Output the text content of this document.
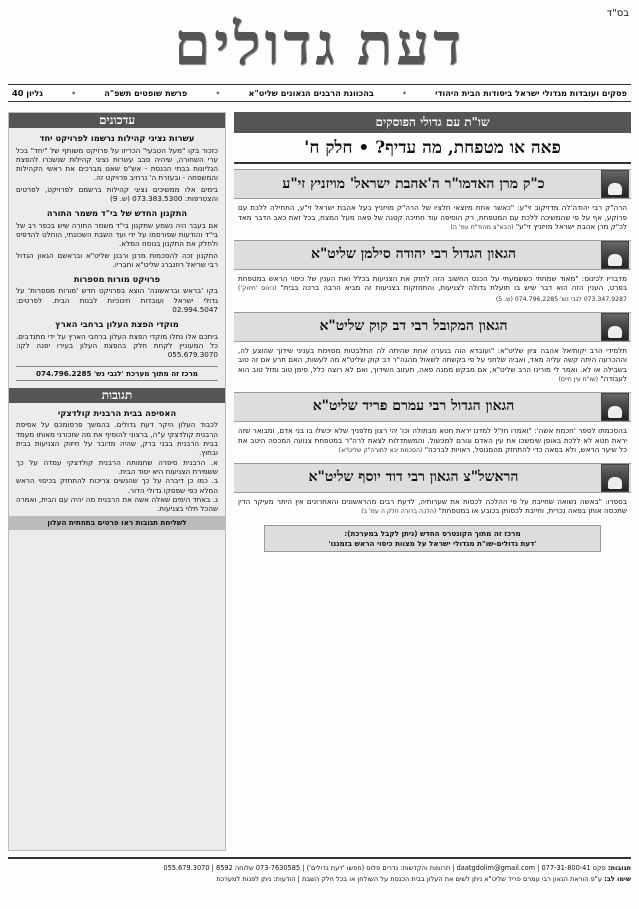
בס"ד
דעת גדולים
פסקים ועובדות מגדולי ישראל ביסודות הבית היהודי
•
בהכוונת הרבנים הגאונים שליט"א
•
פרשת שופטים תשפ"ה
•
גליון 40
שו"ת עם גדולי הפוסקים
פאה או מטפחת, מה עדיף? • חלק ח'
כ"ק מרן האדמו"ר ה'אהבת ישראל' מויזניץ זי"ע
הרה"ק רבי יהודה'לה מדזיקוב זי"ע: "כאשר אחת מיוצאי חלציו של הרה"ק מויזניץ בעל אהבת ישראל זי"ע, התחילה ללכת עם פרוקע, אף על פי שהמשיכה ללכת עם המטפחת, רק הוסיפה עוד חתיכה קטנה של פאה מעל המצח, בכל זאת כאב הדבר מאד לכ"ק מרן אהבת ישראל מויזניץ זי"ע" (הבא"צ מהוד"ת עמ' ה)
הגאון הגדול רבי יהודה סילמן שליט"א
מדבריו לכינוס: "מאוד שמחתי כששמעתי על הכנס החשוב הזה לחזק את הצניעות בכלל ואת הענין של כיסוי הראש במטפחת בפרט, הענין הזה הוא דבר שיש בו תועלת גדולה לצניעות, והתחזקות בצניעות זה מביא הרבה ברכה בבית" (כינוס 'חיזוק') 073.347.9287 לגבי נש' 074.796.2285 (ש. 5)
הגאון המקובל רבי דב קוק שליט"א
תלמידי הרב יקותיאל אהבה ציון שליט"א: "ועובדא הוה בנערה אחת שהיתה לה התלבטות מסוימת בעניני שידוך שהוצע לה, וההכרעה היתה קשה עליה מאד, ואביה שלחני על פי בקשתה לשאול מהגה"ר דב קוק שליט"א מה לעשות, האם תרע אם זה טוב בשבילה או לא. ואמר לי מורינו הרב שליט"א, אם מבקש ממנה פאה, תעזוב השידוך, ואם לא רוצה כלל, סימן טוב ומזל טוב הוא לעבודה" (שו"ת עין חיים)
הגאון הגדול רבי עמרם פריד שליט"א
בהסכמתו לספר 'חכמת אשה': "ואמרו חז"ל למדנו יראת חטא מבתולה וכו' יהי רצון מלפניך שלא יכשלו בו בני אדם, ומבואר שזה יראת חטא לא ללכת באופן שימשכו את עין האדם וגורם למכשול. והמשתדלות לצאת לרה"ר במטפחת צנועה המכסה היטב את כל שיער הראש, ולא בפאה כדי להתחזק מהמנוסל, ראויות לברכה" (הסכמת יבא לתורה"ק שליט"א)
הראשל"צ הגאון רבי דוד יוסף שליט"א
בספרו: "באשה נשואה שחייבת על פי ההלכה לכסות את שערותיה, לדעת רבים מהראשונים והאחרונים אין היתר מעיקר הדין שתכסה אותן בפאה נכרית, וחייבת לכסותן בכובע או במטפחת" (הלכה ברורה חלק ה עמ' ב)
מרכז זה מתוך הקונטרס החדש (ניתן לקבל במערכת):
'דעת גדולים-שו"ת מגדולי ישראל על מצוות כיסוי הראש בזמננו'
עדכונים
עשרות נציגי קהילות נרשמו לפרויקט יחד

כזכור בקו "מעל הטבעי" הכריזו על פרויקט משותף של "יחד" בכל ערי השחורה, שיהיה סבב עשרות נציגי קהילות שנשכרו להפצת הגליונות בבתי הכנסת - אש"פ שאנו מברכים את ראשי הקהילות והמשפחה - ובעזרת ה' נרחיב פרויקט זה.

בימים אלו ממשיכים נציגי קהילות ברשמם לפרויקט, לפרטים והצטרפות: 073.383.5300 (ש. 9)

התקנון החדש של בי"ד משמר התורה

אם בעבר היה נשמע שתקנון בי"ד משמר התורה שיש בכפר רב של בי"ד והודעות שפורסמו על ידי ועד השבת השכונתי, הוחלט להדפיס ולחלק את התקנון בנוסח המלא.

התקנון זכה להסכמות מרנן ורבנן שליט"א ובראשם הגאון הגדול רבי שריאל רוזנברג שליט"א וחבריו.

פרויקט מורות מספרות

בקו 'בראש ובראשונה' הוצא בפרויקט חדש 'מורות מספרות' על גדולי ישראל ועובדות חינוכיות לבנות הבית. לפרטים: 02.994.5047

מוקדי הפצת העלון ברחבי הארץ

ביתכם אלו נתלו מוקדי הפצת העלון ברחבי הארץ על ידי מתנדבים. כל המעוניין לקחת חלק בהפצת העלון בעירו יפנה לקו: 055.679.3070

מרכז זה מתוך מערכת 'לגבי נש' 074.796.2285
תגובות
האסיפה בבית הרבנית קולדצקי

לכבוד העלון היקר דעת גדולים. בהמשך פרסומכם על אסיפת הרבנית קולדצקי ע"ה, ברצוני להוסיף את מה שזכורני מאותו מעמד בבית הרבנית בבני ברק, שהיה מדובר על חיזוק הצניעות בבית ובחוץ.

א. הרבנית סיפרה שחמותה הרבנית קולדצקי עמדה על כך ששמירת הצניעות היא יסוד הבית.

ב. כמו כן דיברה על כך שהנשים צריכות להתחזק בכיסוי הראש המלא כפי שפסקו גדולי הדור.

ג. באחד הימים שאלה אשה את הרבנית מה יהיה עם הבית, ואמרה שהכל תלוי בצניעות.

לשליחת תגובות ראו פרטים בתחתית העלון
תגובות: פקס 077-31-800-41 | daatgdolim@gmail.com | תרומות והקדשות: נדרים פלוס (חפשו 'דעת גדולים') | 073-7630585 שלוחה 8592 | 055.679.3070
שימו לב: ע"פ הוראת הגאון רבי עמרם פריד שליט"א ניתן לשים את העלון בבית הכנסת על השולחן או בכל חלק השבת | הודעות: ניתן לפנות למערכת
